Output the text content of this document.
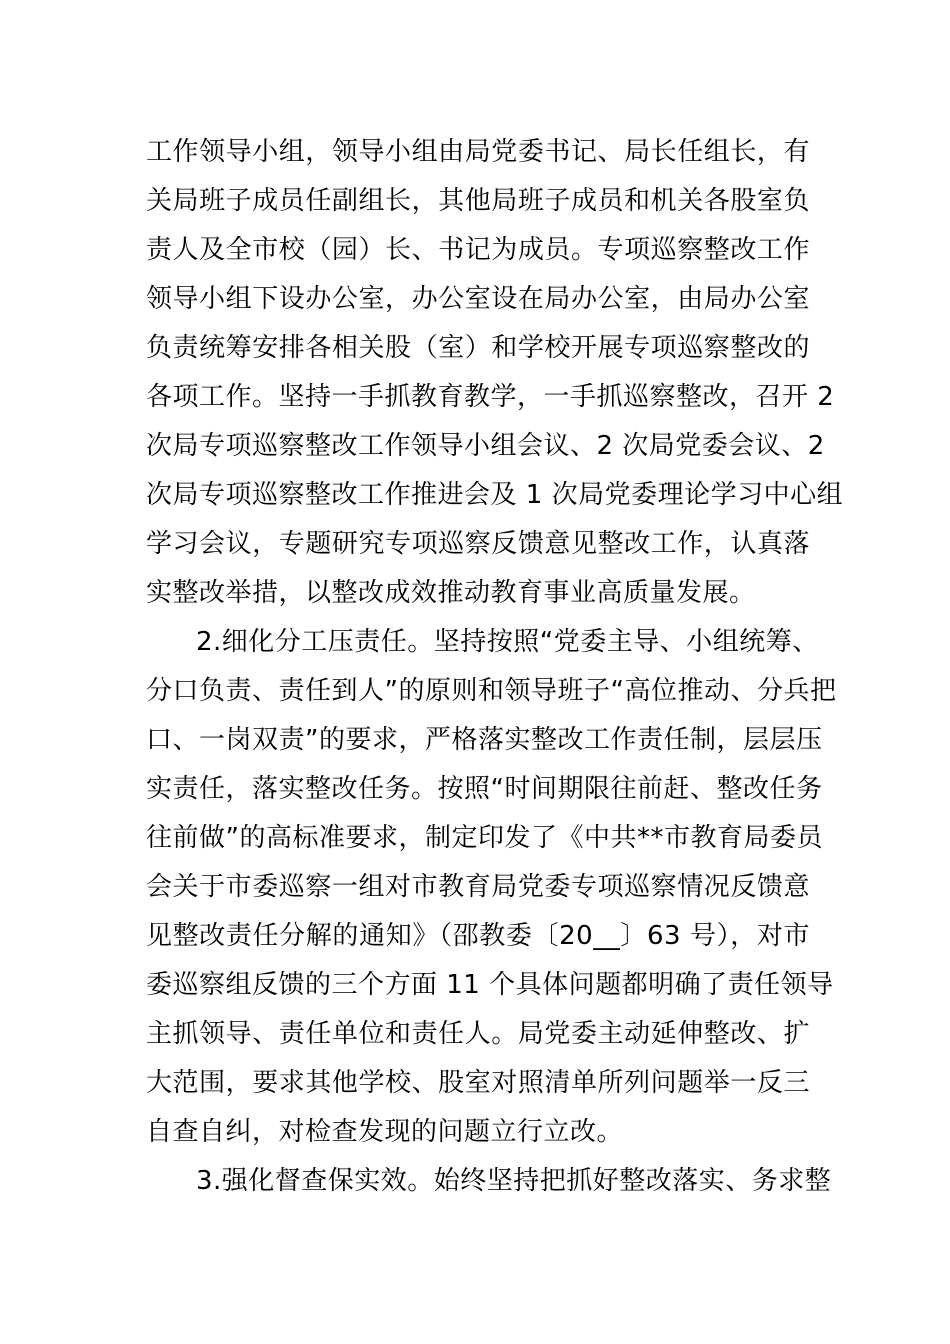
工作领导小组，领导小组由局党委书记、局长任组长，有
关局班子成员任副组长，其他局班子成员和机关各股室负
责人及全市校（园）长、书记为成员。专项巡察整改工作
领导小组下设办公室，办公室设在局办公室，由局办公室
负责统筹安排各相关股（室）和学校开展专项巡察整改的
各项工作。坚持一手抓教育教学，一手抓巡察整改，召开 2
次局专项巡察整改工作领导小组会议、2 次局党委会议、2
次局专项巡察整改工作推进会及 1 次局党委理论学习中心组
学习会议，专题研究专项巡察反馈意见整改工作，认真落
实整改举措，以整改成效推动教育事业高质量发展。
2.细化分工压责任。坚持按照“党委主导、小组统筹、
分口负责、责任到人”的原则和领导班子“高位推动、分兵把
口、一岗双责”的要求，严格落实整改工作责任制，层层压
实责任，落实整改任务。按照“时间期限往前赶、整改任务
往前做”的高标准要求，制定印发了《中共**市教育局委员
会关于市委巡察一组对市教育局党委专项巡察情况反馈意
见整改责任分解的通知》（邵教委〔20__〕63 号），对市
委巡察组反馈的三个方面 11 个具体问题都明确了责任领导
主抓领导、责任单位和责任人。局党委主动延伸整改、扩
大范围，要求其他学校、股室对照清单所列问题举一反三
自查自纠，对检查发现的问题立行立改。
3.强化督查保实效。始终坚持把抓好整改落实、务求整
